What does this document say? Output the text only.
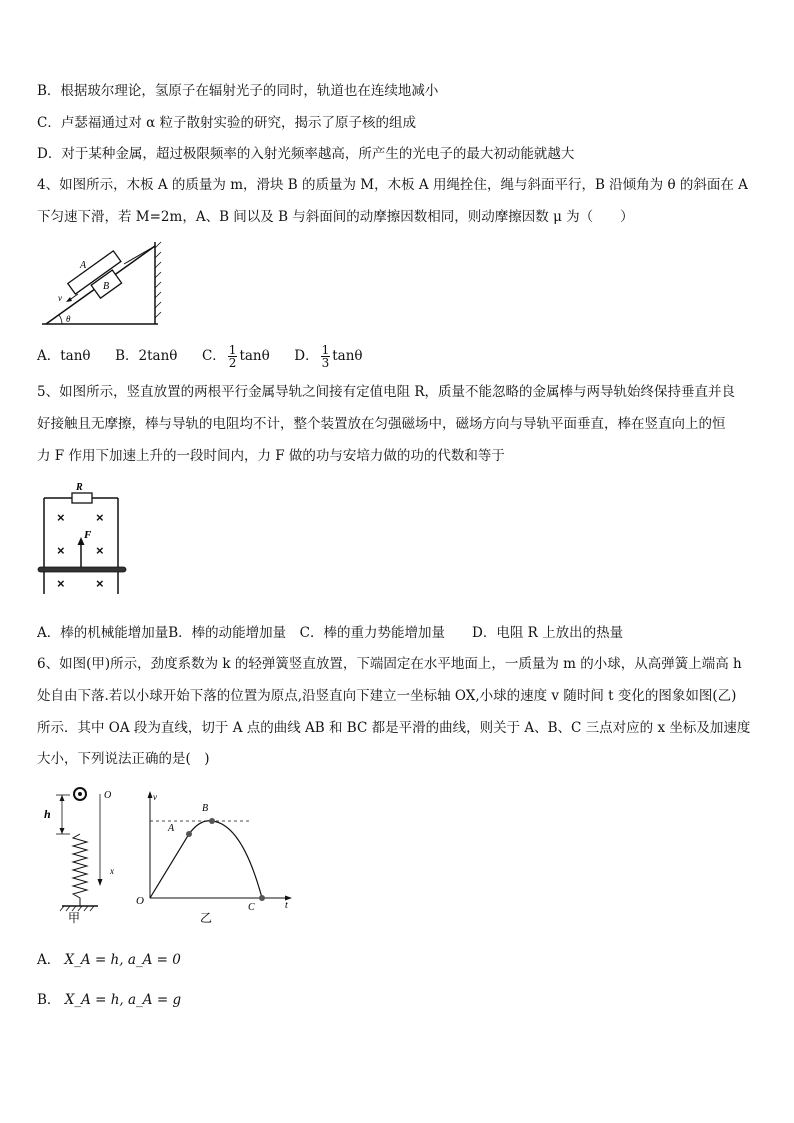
B．根据玻尔理论，氢原子在辐射光子的同时，轨道也在连续地减小
C．卢瑟福通过对 α 粒子散射实验的研究，揭示了原子核的组成
D．对于某种金属，超过极限频率的入射光频率越高，所产生的光电子的最大初动能就越大
4、如图所示，木板 A 的质量为 m，滑块 B 的质量为 M，木板 A 用绳拴住，绳与斜面平行，B 沿倾角为 θ 的斜面在 A
下匀速下滑，若 M=2m，A、B 间以及 B 与斜面间的动摩擦因数相同，则动摩擦因数 μ 为（　　）
A
B
v
θ
A．tanθ   B．2tanθ   C． $\frac{1}{2}$ tanθ   D． $\frac{1}{3}$ tanθ
5、如图所示，竖直放置的两根平行金属导轨之间接有定值电阻 R，质量不能忽略的金属棒与两导轨始终保持垂直并良
好接触且无摩擦，棒与导轨的电阻均不计，整个装置放在匀强磁场中，磁场方向与导轨平面垂直，棒在竖直向上的恒
力 F 作用下加速上升的一段时间内，力 F 做的功与安培力做的功的代数和等于
R
× ×
× ×
× ×
F
A．棒的机械能增加量B．棒的动能增加量　C．棒的重力势能增加量　　D．电阻 R 上放出的热量
6、如图(甲)所示，劲度系数为 k 的轻弹簧竖直放置，下端固定在水平地面上，一质量为 m 的小球，从高弹簧上端高 h
处自由下落.若以小球开始下落的位置为原点,沿竖直向下建立一坐标轴 OX,小球的速度 v 随时间 t 变化的图象如图(乙)
所示．其中 OA 段为直线，切于 A 点的曲线 AB 和 BC 都是平滑的曲线，则关于 A、B、C 三点对应的 x 坐标及加速度
大小，下列说法正确的是(　)
h
O
x
甲
v
O	t
A
B
C
乙
A． X_A = h, a_A = 0
B． X_A = h, a_A = g
